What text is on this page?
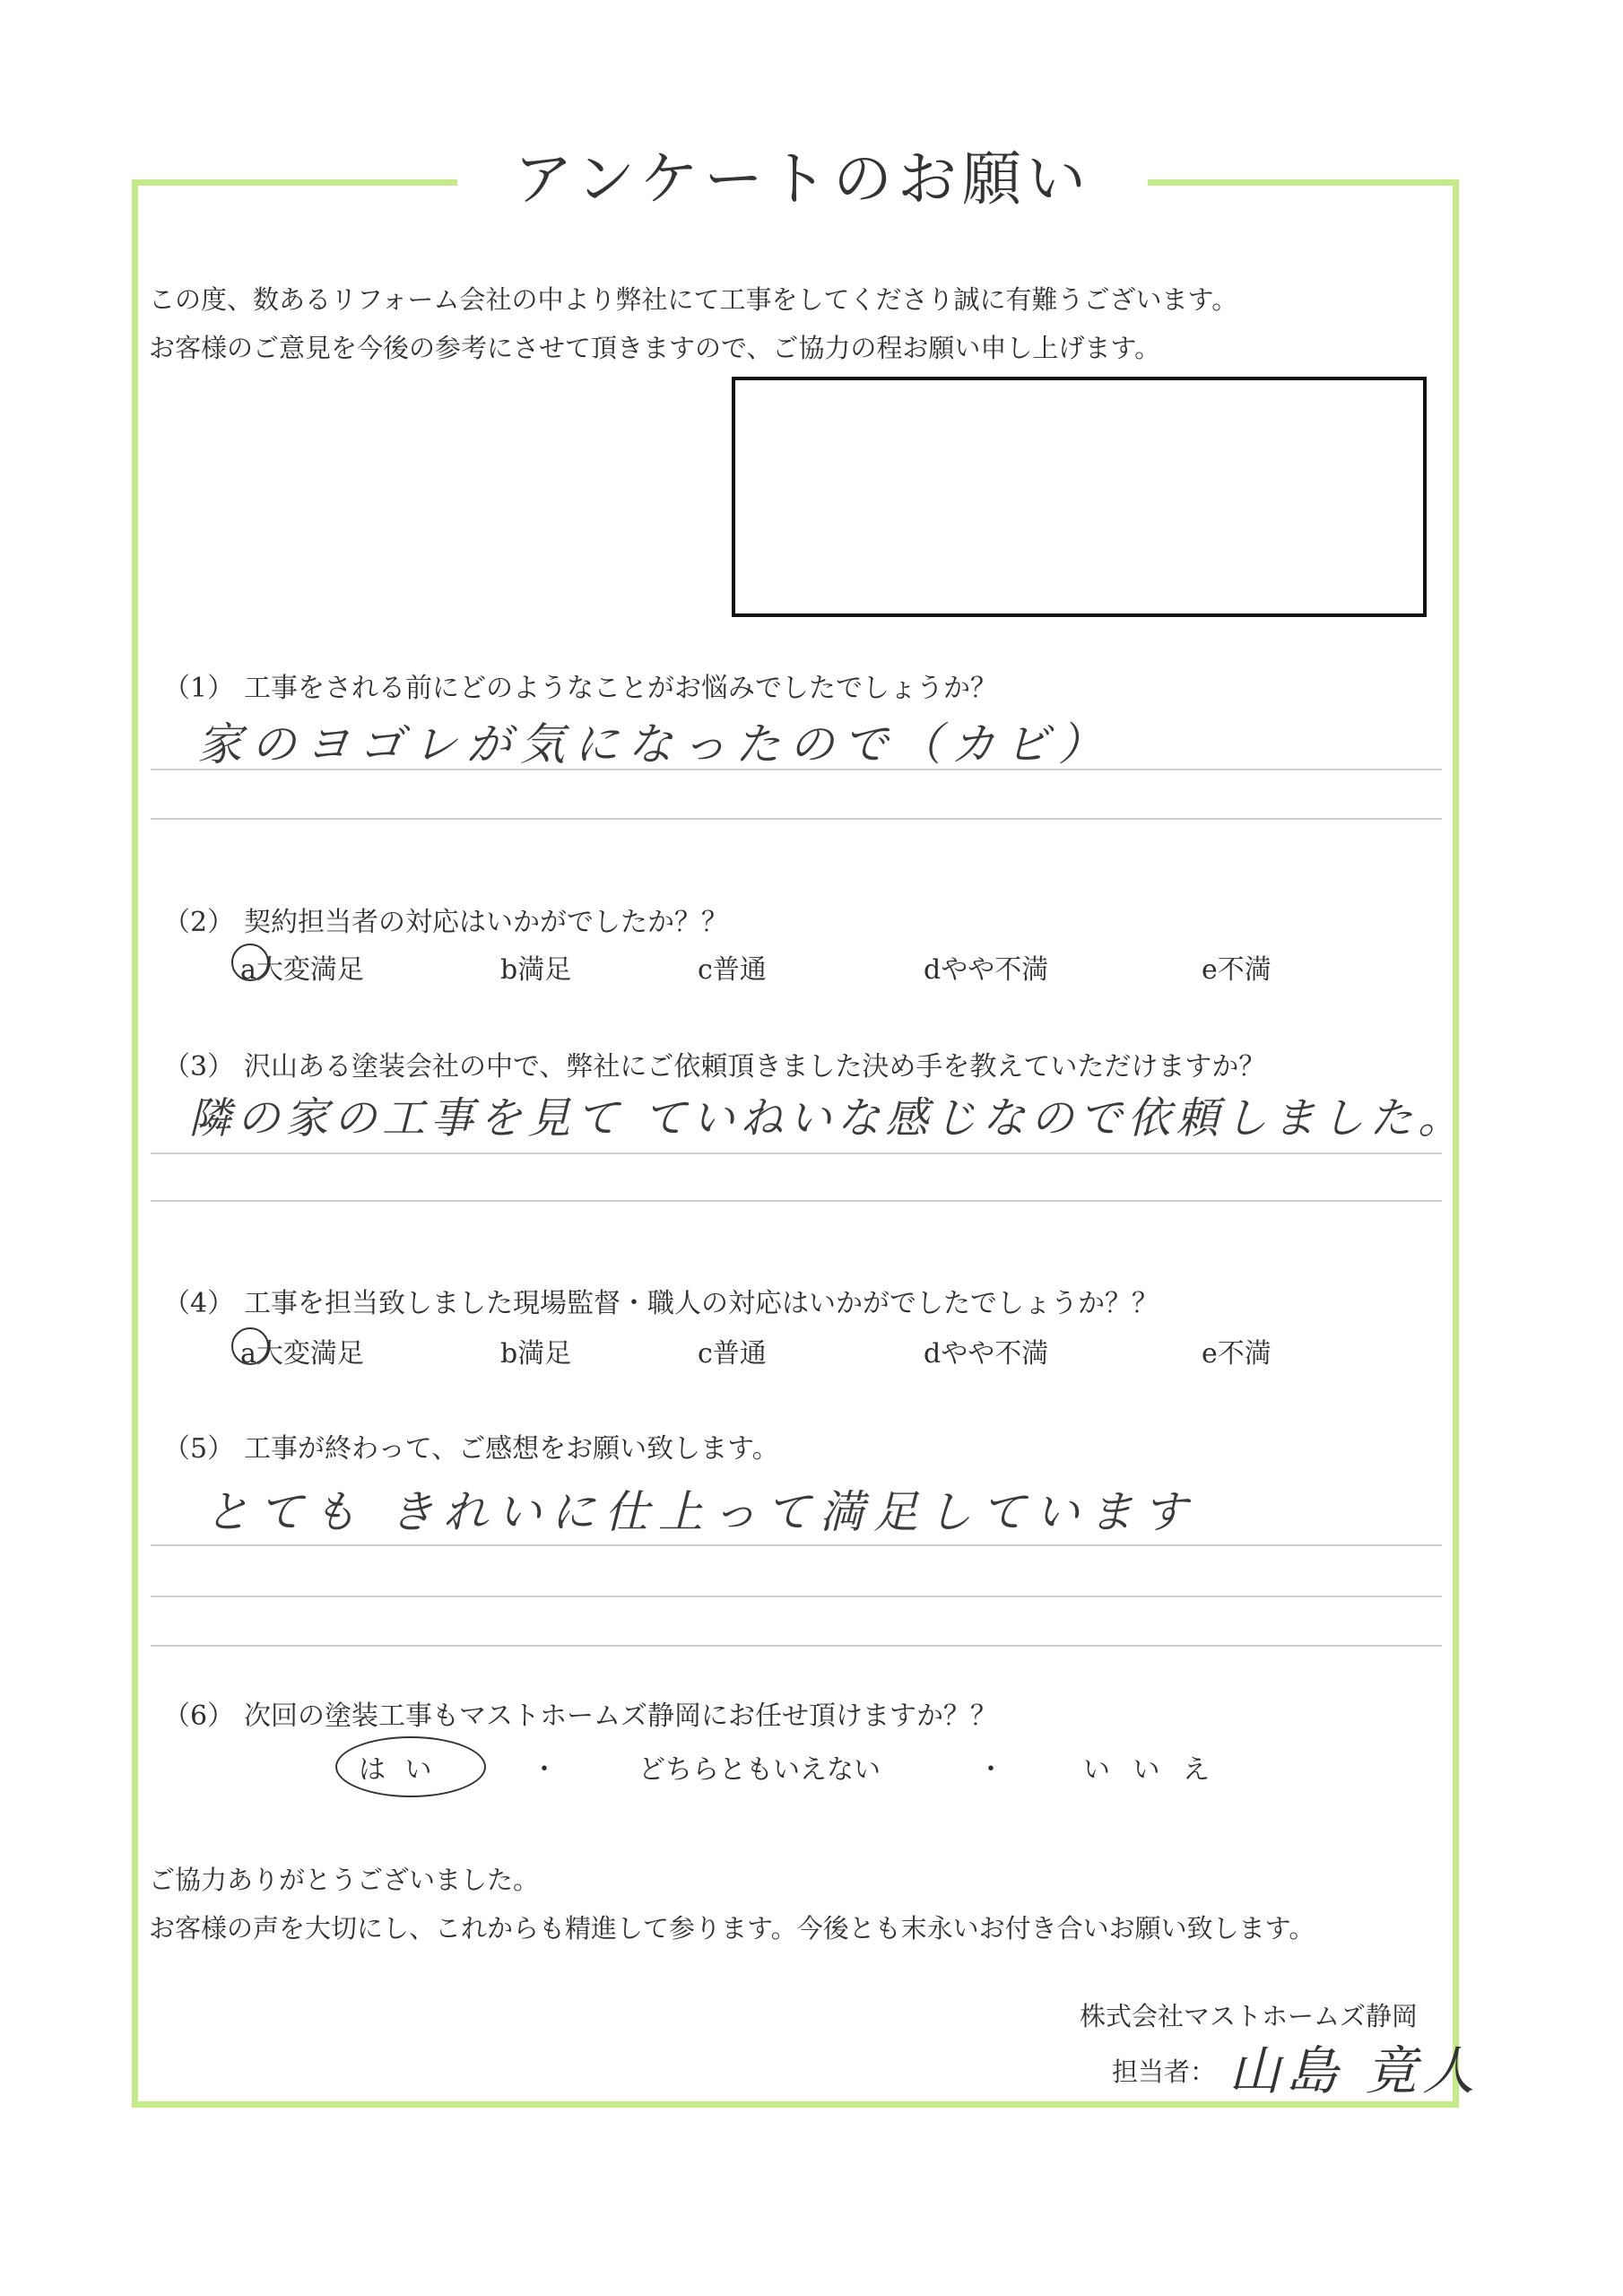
アンケートのお願い
この度、数あるリフォーム会社の中より弊社にて工事をしてくださり誠に有難うございます。
お客様のご意見を今後の参考にさせて頂きますので、ご協力の程お願い申し上げます。
（1） 工事をされる前にどのようなことがお悩みでしたでしょうか？
家のヨゴレが気になったので（カビ）
（2） 契約担当者の対応はいかがでしたか？？
a大変満足	b満足	c普通	dやや不満	e不満
（3） 沢山ある塗装会社の中で、弊社にご依頼頂きました決め手を教えていただけますか？
隣の家の工事を見て ていねいな感じなので依頼しました。
（4） 工事を担当致しました現場監督・職人の対応はいかがでしたでしょうか？？
a大変満足	b満足	c普通	dやや不満	e不満
（5） 工事が終わって、ご感想をお願い致します。
とても きれいに仕上って満足しています
（6） 次回の塗装工事もマストホームズ静岡にお任せ頂けますか？？
は い	・	どちらともいえない	・	い い え
ご協力ありがとうございました。
お客様の声を大切にし、これからも精進して参ります。今後とも末永いお付き合いお願い致します。
株式会社マストホームズ静岡
担当者： 山島 竟人
